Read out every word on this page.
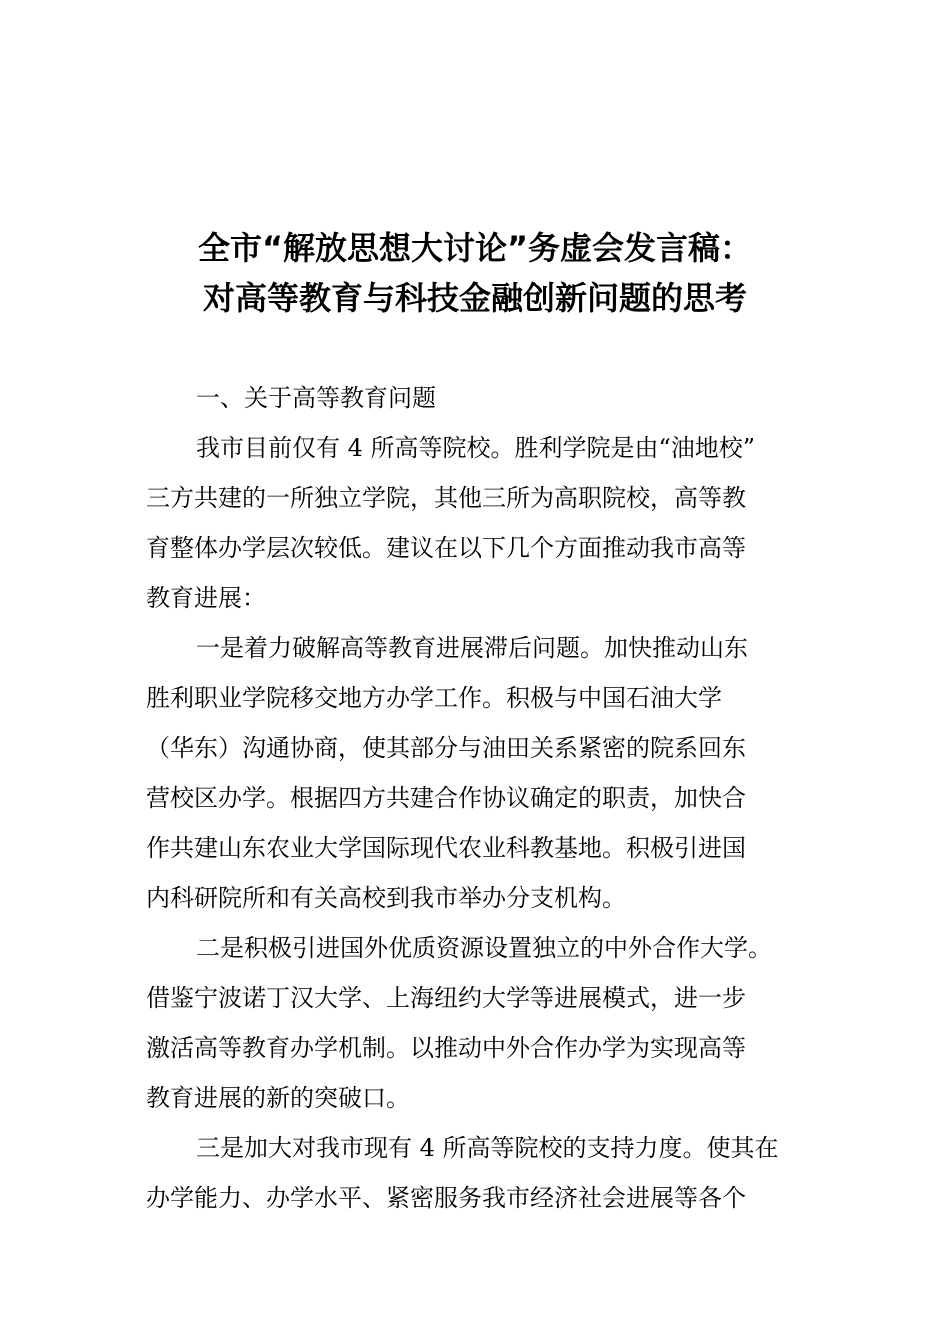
全市“解放思想大讨论”务虚会发言稿：
对高等教育与科技金融创新问题的思考
一、关于高等教育问题
我市目前仅有 4 所高等院校。胜利学院是由“油地校”
三方共建的一所独立学院，其他三所为高职院校，高等教
育整体办学层次较低。建议在以下几个方面推动我市高等
教育进展：
一是着力破解高等教育进展滞后问题。加快推动山东
胜利职业学院移交地方办学工作。积极与中国石油大学
（华东）沟通协商，使其部分与油田关系紧密的院系回东
营校区办学。根据四方共建合作协议确定的职责，加快合
作共建山东农业大学国际现代农业科教基地。积极引进国
内科研院所和有关高校到我市举办分支机构。
二是积极引进国外优质资源设置独立的中外合作大学。
借鉴宁波诺丁汉大学、上海纽约大学等进展模式，进一步
激活高等教育办学机制。以推动中外合作办学为实现高等
教育进展的新的突破口。
三是加大对我市现有 4 所高等院校的支持力度。使其在
办学能力、办学水平、紧密服务我市经济社会进展等各个
